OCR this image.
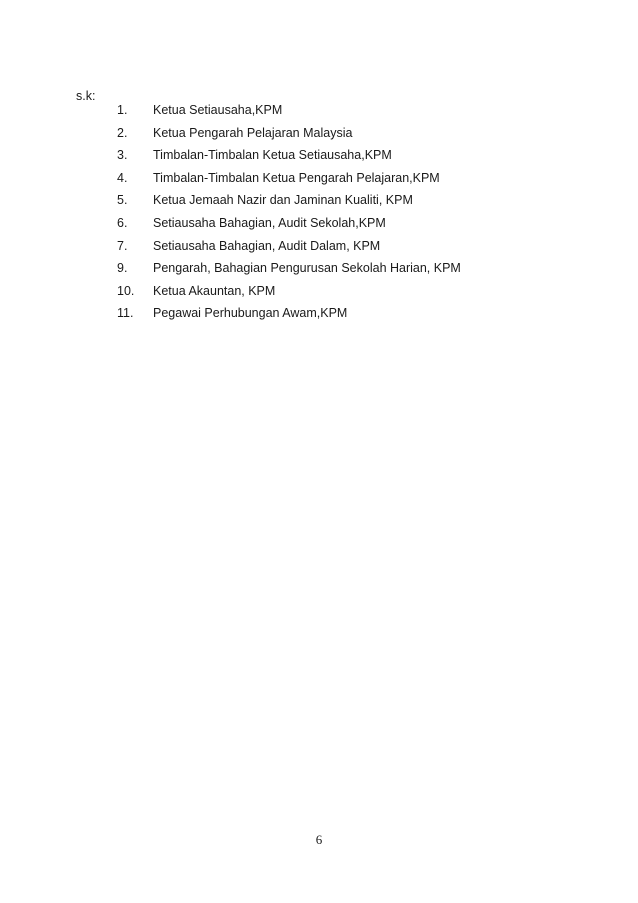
s.k:
1. Ketua Setiausaha,KPM
2. Ketua Pengarah Pelajaran Malaysia
3. Timbalan-Timbalan Ketua Setiausaha,KPM
4. Timbalan-Timbalan Ketua Pengarah Pelajaran,KPM
5. Ketua Jemaah Nazir dan Jaminan Kualiti, KPM
6. Setiausaha Bahagian, Audit Sekolah,KPM
7. Setiausaha Bahagian, Audit Dalam, KPM
9. Pengarah, Bahagian Pengurusan Sekolah Harian, KPM
10. Ketua Akauntan, KPM
11. Pegawai Perhubungan Awam,KPM
6
